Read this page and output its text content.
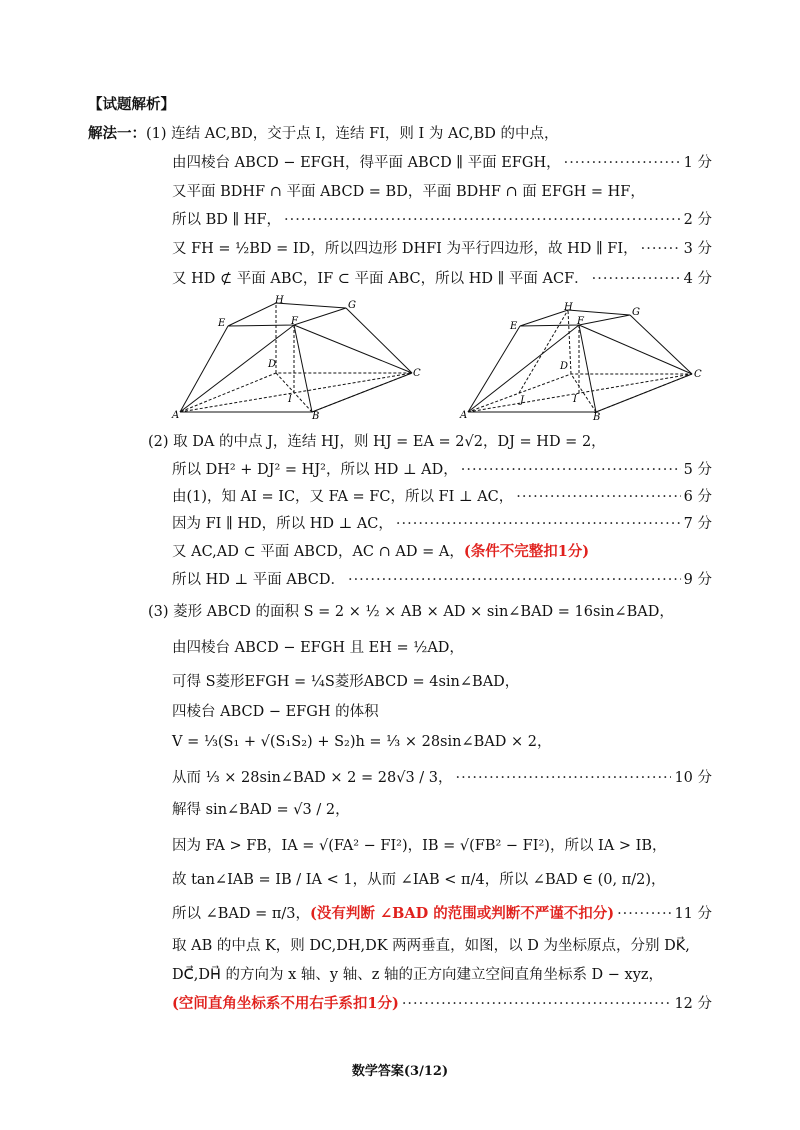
【试题解析】
解法一：(1) 连结 AC,BD，交于点 I，连结 FI，则 I 为 AC,BD 的中点，
由四棱台 ABCD − EFGH，得平面 ABCD ∥ 平面 EFGH， ·····	1 分
又平面 BDHF ∩ 平面 ABCD = BD，平面 BDHF ∩ 面 EFGH = HF，
所以 BD ∥ HF， ·····	2 分
又 FH = ½BD = ID，所以四边形 DHFI 为平行四边形，故 HD ∥ FI， ·····	3 分
又 HD ⊄ 平面 ABC，IF ⊂ 平面 ABC，所以 HD ∥ 平面 ACF． ·····	4 分
H	G
E	F
D
C
A	B
I
H	G
E	F
D
C
A	B
I
J
(2) 取 DA 的中点 J，连结 HJ，则 HJ = EA = 2√2，DJ = HD = 2，
所以 DH² + DJ² = HJ²，所以 HD ⊥ AD， ·····	5 分
由(1)，知 AI = IC，又 FA = FC，所以 FI ⊥ AC， ·····	6 分
因为 FI ∥ HD，所以 HD ⊥ AC， ·····	7 分
又 AC,AD ⊂ 平面 ABCD，AC ∩ AD = A， (条件不完整扣1分)
所以 HD ⊥ 平面 ABCD． ·····	9 分
(3) 菱形 ABCD 的面积 S = 2 × ½ × AB × AD × sin∠BAD = 16sin∠BAD，
由四棱台 ABCD − EFGH 且 EH = ½AD，
可得 S菱形EFGH = ¼S菱形ABCD = 4sin∠BAD，
四棱台 ABCD − EFGH 的体积
V = ⅓(S₁ + √(S₁S₂) + S₂)h = ⅓ × 28sin∠BAD × 2，
从而 ⅓ × 28sin∠BAD × 2 = 28√3 / 3， ·····	10 分
解得 sin∠BAD = √3 / 2，
因为 FA > FB，IA = √(FA² − FI²)，IB = √(FB² − FI²)，所以 IA > IB，
故 tan∠IAB = IB / IA < 1，从而 ∠IAB < π/4，所以 ∠BAD ∈ (0, π/2)，
所以 ∠BAD = π/3， (没有判断 ∠BAD 的范围或判断不严谨不扣分) ·····	11 分
取 AB 的中点 K，则 DC,DH,DK 两两垂直，如图，以 D 为坐标原点，分别 DK⃗,
DC⃗,DH⃗ 的方向为 x 轴、y 轴、z 轴的正方向建立空间直角坐标系 D − xyz，
(空间直角坐标系不用右手系扣1分) ·····	12 分
数学答案(3/12)
